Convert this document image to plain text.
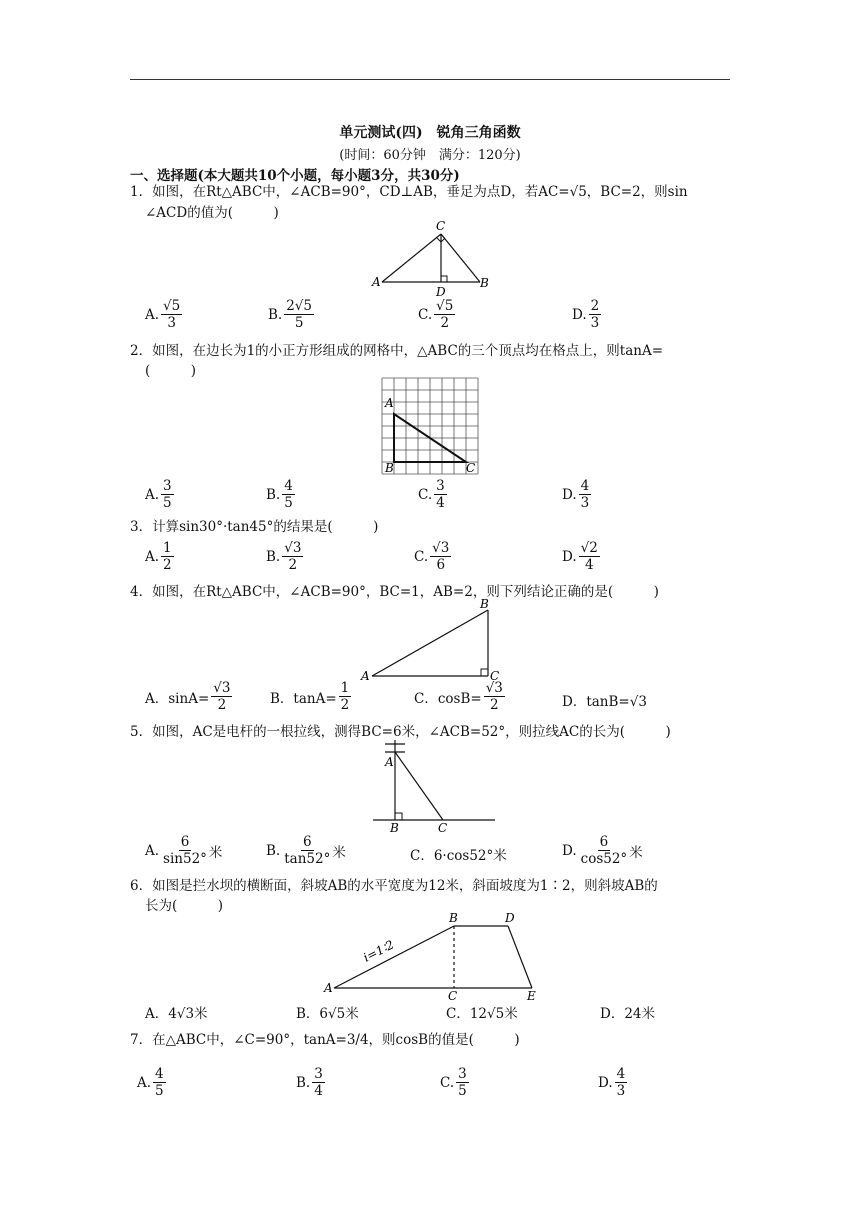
单元测试(四)　锐角三角函数
(时间：60分钟　满分：120分)
一、选择题(本大题共10个小题，每小题3分，共30分)
1．如图，在Rt△ABC中，∠ACB=90°，CD⊥AB，垂足为点D，若AC=√5，BC=2，则sin
∠ACD的值为(　　　)
C
A
D
B
A. $\frac{√5}{3}$	B. $\frac{2√5}{5}$	C. $\frac{√5}{2}$	D. $\frac{2}{3}$
2．如图，在边长为1的小正方形组成的网格中，△ABC的三个顶点均在格点上，则tanA=
(　　　)
A
B	C
A. $\frac{3}{5}$	B. $\frac{4}{5}$	C. $\frac{3}{4}$	D. $\frac{4}{3}$
3．计算sin30°·tan45°的结果是(　　　)
A. $\frac{1}{2}$	B. $\frac{√3}{2}$	C. $\frac{√3}{6}$	D. $\frac{√2}{4}$
4．如图，在Rt△ABC中，∠ACB=90°，BC=1，AB=2，则下列结论正确的是(　　　)
B
A	C
A．$\sin A= \frac{√3}{2}$	B．$\tan A= \frac{1}{2}$	C．$\cos B= \frac{√3}{2}$	D．tanB=√3
5．如图，AC是电杆的一根拉线，测得BC=6米，∠ACB=52°，则拉线AC的长为(　　　)
A
B	C
A. $\frac{6}{\sin 52^\circ}$ 米	B. $\frac{6}{\tan 52^\circ}$ 米	C．6·cos52°米	D. $\frac{6}{\cos 52^\circ}$ 米
6．如图是拦水坝的横断面，斜坡AB的水平宽度为12米，斜面坡度为1∶2，则斜坡AB的
长为(　　　)
B	D
A
C	E
i=1∶2
A．4√3米	B．6√5米	C．12√5米	D．24米
7．在△ABC中，∠C=90°，tanA=3/4，则cosB的值是(　　　)
A. $\frac{4}{5}$	B. $\frac{3}{4}$	C. $\frac{3}{5}$	D. $\frac{4}{3}$
